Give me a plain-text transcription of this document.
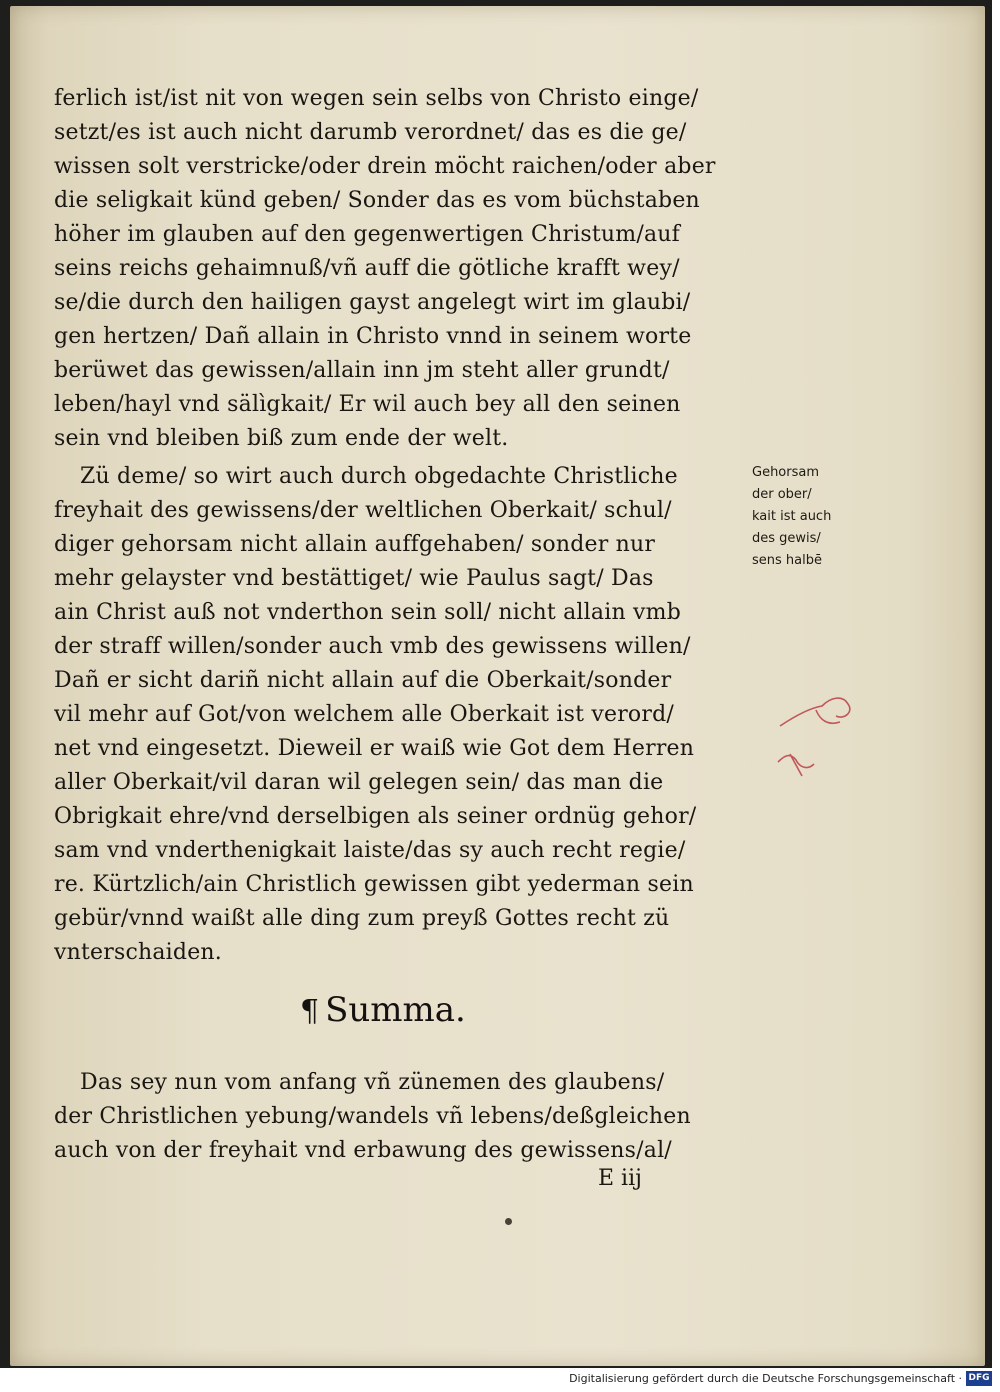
ferlich ist/ist nit von wegen sein selbs von Christo einge/
setzt/es ist auch nicht darumb verordnet/ das es die ge/
wissen solt verstricke/oder drein möcht raichen/oder aber
die seligkait künd geben/ Sonder das es vom büchstaben
höher im glauben auf den gegenwertigen Christum/auf
seins reichs gehaimnuß/vñ auff die götliche krafft wey/
se/die durch den hailigen gayst angelegt wirt im glaubi/
gen hertzen/ Dañ allain in Christo vnnd in seinem worte
berüwet das gewissen/allain inn jm steht aller grundt/
leben/hayl vnd sälìgkait/ Er wil auch bey all den seinen
sein vnd bleiben biß zum ende der welt.
Zü deme/ so wirt auch durch obgedachte Christliche
freyhait des gewissens/der weltlichen Oberkait/ schul/
diger gehorsam nicht allain auffgehaben/ sonder nur
mehr gelayster vnd bestättiget/ wie Paulus sagt/ Das
ain Christ auß not vnderthon sein soll/ nicht allain vmb
der straff willen/sonder auch vmb des gewissens willen/
Dañ er sicht dariñ nicht allain auf die Oberkait/sonder
vil mehr auf Got/von welchem alle Oberkait ist verord/
net vnd eingesetzt. Dieweil er waiß wie Got dem Herren
aller Oberkait/vil daran wil gelegen sein/ das man die
Obrigkait ehre/vnd derselbigen als seiner ordnüg gehor/
sam vnd vnderthenigkait laiste/das sy auch recht regie/
re. Kürtzlich/ain Christlich gewissen gibt yederman sein
gebür/vnnd waißt alle ding zum preyß Gottes recht zü
vnterschaiden.
Gehorsam
der ober/
kait ist auch
des gewis/
sens halbē
¶ Summa.
Das sey nun vom anfang vñ zünemen des glaubens/
der Christlichen yebung/wandels vñ lebens/deßgleichen
auch von der freyhait vnd erbawung des gewissens/al/
E iij
Digitalisierung gefördert durch die Deutsche Forschungsgemeinschaft · DFG
